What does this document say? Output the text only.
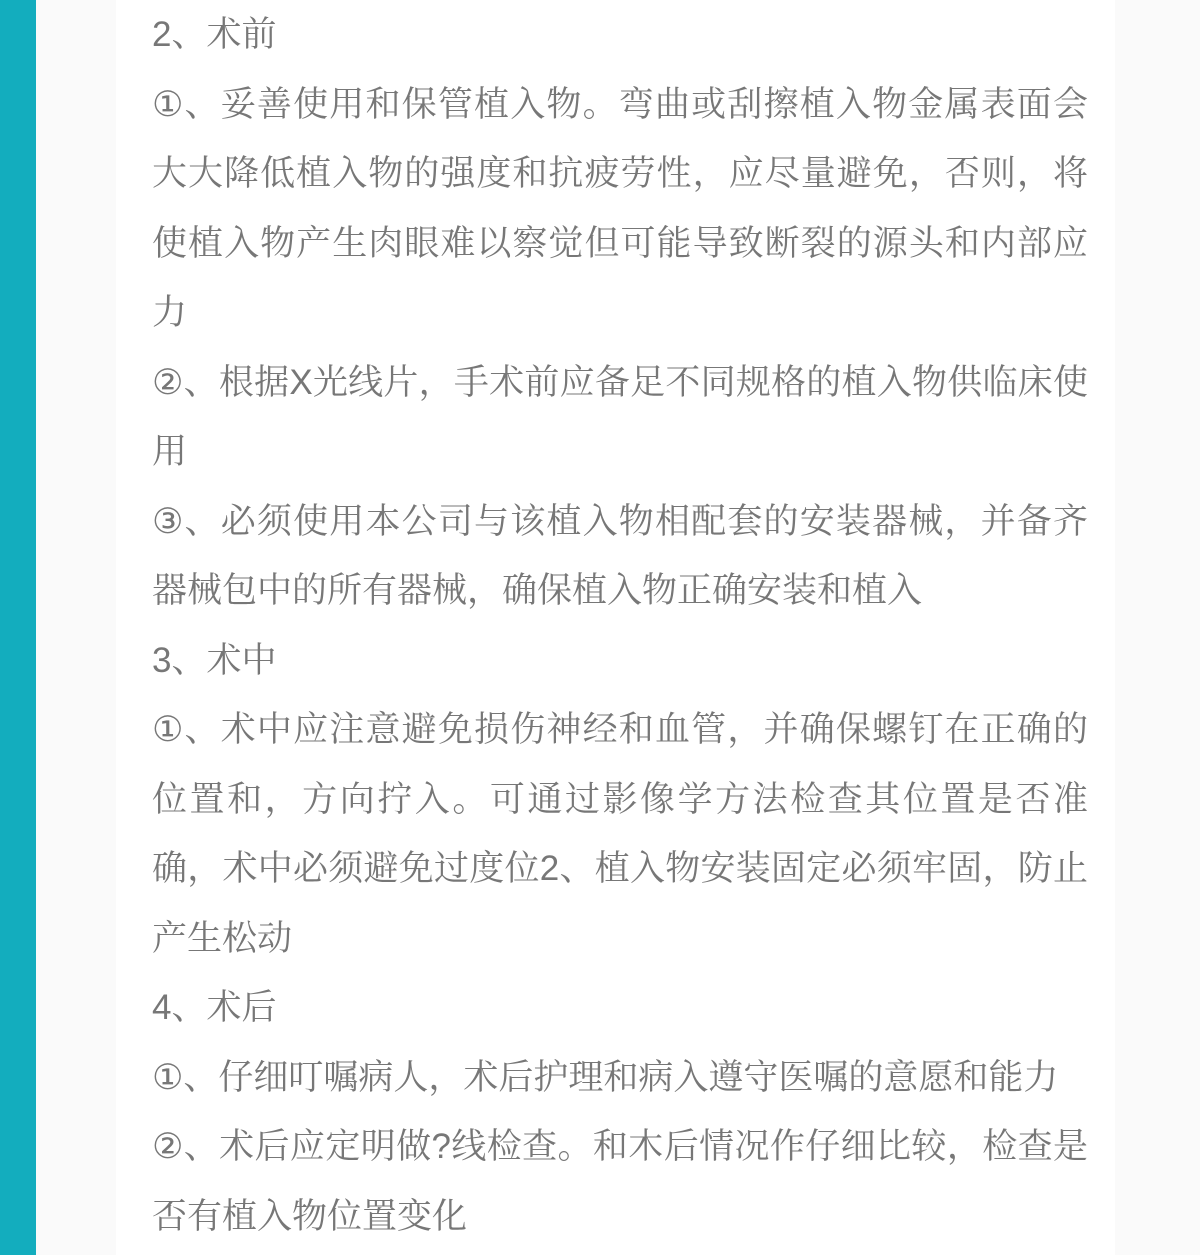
2、术前
①、妥善使用和保管植入物。弯曲或刮擦植入物金属表面会
大大降低植入物的强度和抗疲劳性，应尽量避免，否则，将
使植入物产生肉眼难以察觉但可能导致断裂的源头和内部应
力
②、根据X光线片，手术前应备足不同规格的植入物供临床使
用
③、必须使用本公司与该植入物相配套的安装器械，并备齐
器械包中的所有器械，确保植入物正确安装和植入
3、术中
①、术中应注意避免损伤神经和血管，并确保螺钉在正确的
位置和，方向拧入。可通过影像学方法检查其位置是否准
确，术中必须避免过度位2、植入物安装固定必须牢固，防止
产生松动
4、术后
①、仔细叮嘱病人，术后护理和病入遵守医嘱的意愿和能力
②、术后应定明做?线检查。和木后情况作仔细比较，检查是
否有植入物位置变化
